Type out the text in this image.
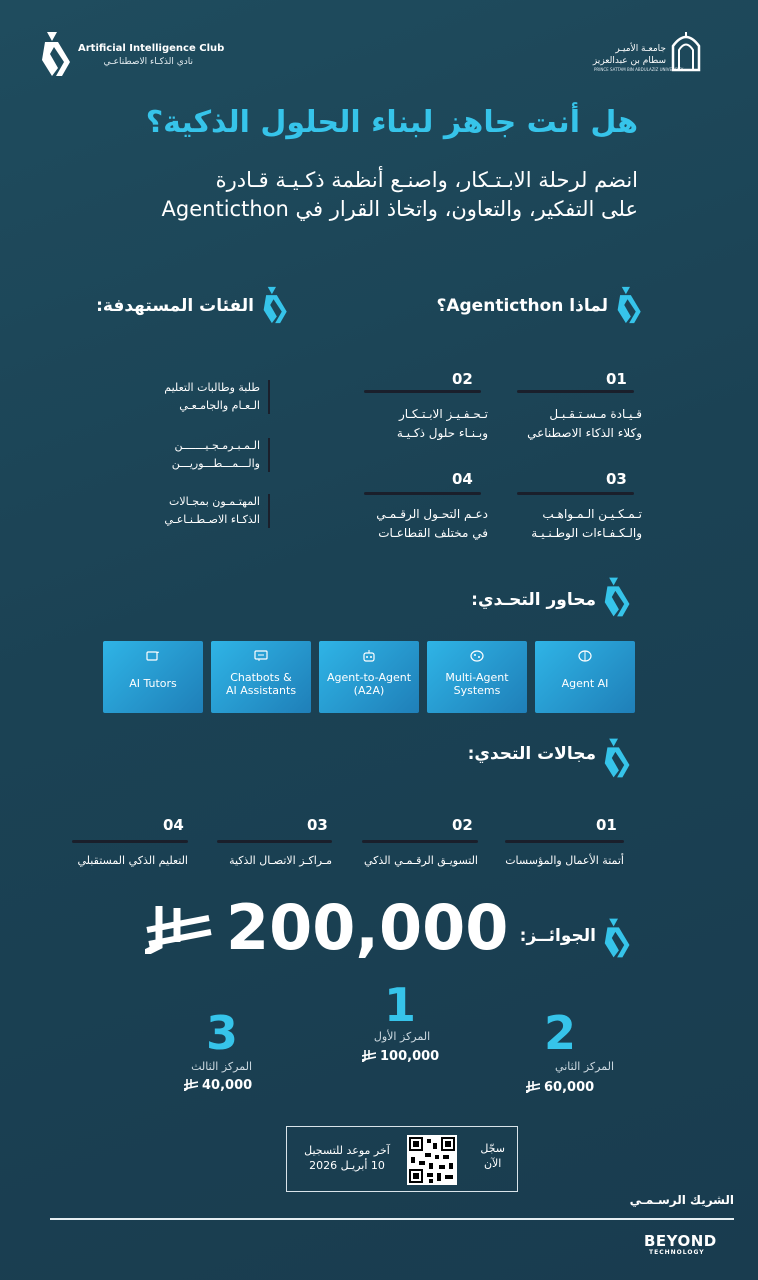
Artificial Intelligence Club
نادي الذكـاء الاصطناعـي
جامعـة الأميـر
سطام بن عبدالعزيز
PRINCE SATTAM BIN ABDULAZIZ UNIVERSITY
هل أنت جاهز لبناء الحلول الذكية؟
انضم لرحلة الابـتـكار، واصنـع أنظمة ذكـيـة قـادرة
على التفكير، والتعاون، واتخاذ القرار في Agenticthon
لماذا Agenticthon؟
01
قـيـادة مـسـتـقـبـل
وكلاء الذكاء الاصطناعي
02
تـحـفـيـز الابـتـكـار
وبـنـاء حلول ذكـيـة
03
تـمـكـيـن الـمـواهـب
والـكـفـاءات الوطـنـيـة
04
دعـم التحـول الرقـمـي
في مختلف القطاعـات
الفئات المستهدفة:
طلبة وطالبات التعليم
الـعـام والجامـعـي
الـمـبـرمـجـيـــــــن
والـــمـــطـــوريـــن
المهتـمـون بمجـالات
الذكـاء الاصـطـنـاعـي
محاور التحـدي:
Agent AI
Multi-Agent
Systems
Agent-to-Agent
(A2A)
Chatbots &
AI Assistants
AI Tutors
مجالات التحدي:
01
أتمتة الأعمال والمؤسسات
02
التسويـق الرقـمـي الذكي
03
مـراكـز الاتصـال الذكية
04
التعليم الذكي المستقبلي
الجوائــز:
200,000
1
المركز الأول
100,000 2
المركز الثاني
60,000
3
المركز الثالث
40,000
سجّل
الآن
آخر موعد للتسجيل
10 أبريـل 2026
الشريك الرسـمـي
BEYOND
TECHNOLOGY
